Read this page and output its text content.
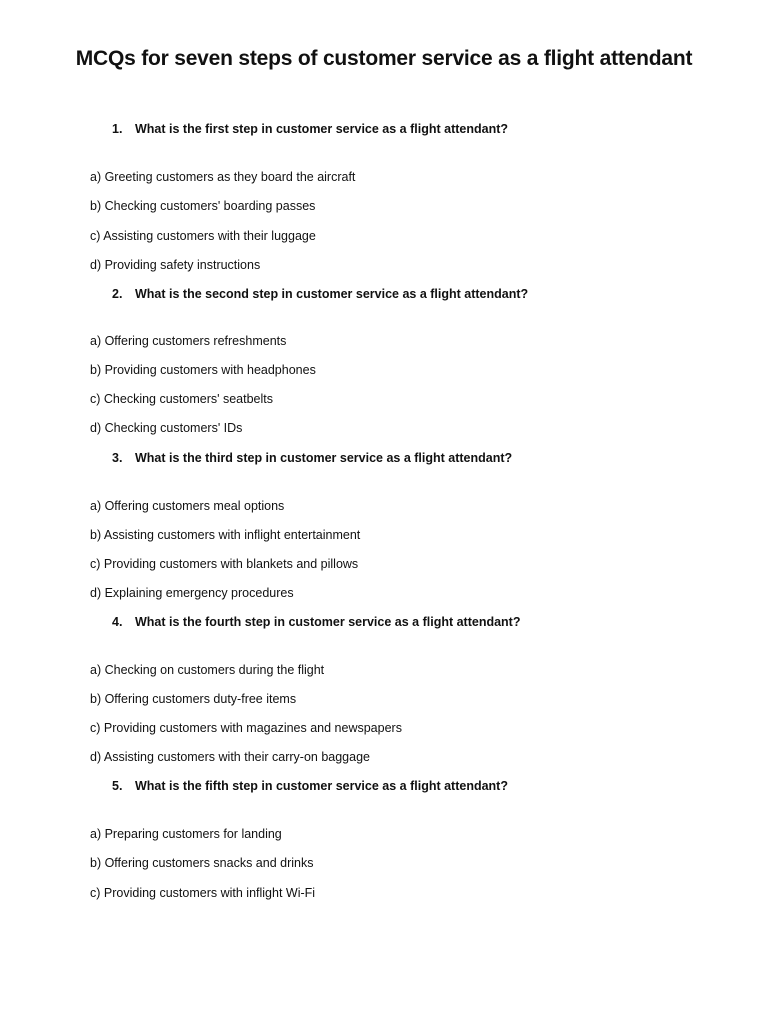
MCQs for seven steps of customer service as a flight attendant
1. What is the first step in customer service as a flight attendant?
a) Greeting customers as they board the aircraft
b) Checking customers' boarding passes
c) Assisting customers with their luggage
d) Providing safety instructions
2. What is the second step in customer service as a flight attendant?
a) Offering customers refreshments
b) Providing customers with headphones
c) Checking customers' seatbelts
d) Checking customers' IDs
3. What is the third step in customer service as a flight attendant?
a) Offering customers meal options
b) Assisting customers with inflight entertainment
c) Providing customers with blankets and pillows
d) Explaining emergency procedures
4. What is the fourth step in customer service as a flight attendant?
a) Checking on customers during the flight
b) Offering customers duty-free items
c) Providing customers with magazines and newspapers
d) Assisting customers with their carry-on baggage
5. What is the fifth step in customer service as a flight attendant?
a) Preparing customers for landing
b) Offering customers snacks and drinks
c) Providing customers with inflight Wi-Fi
